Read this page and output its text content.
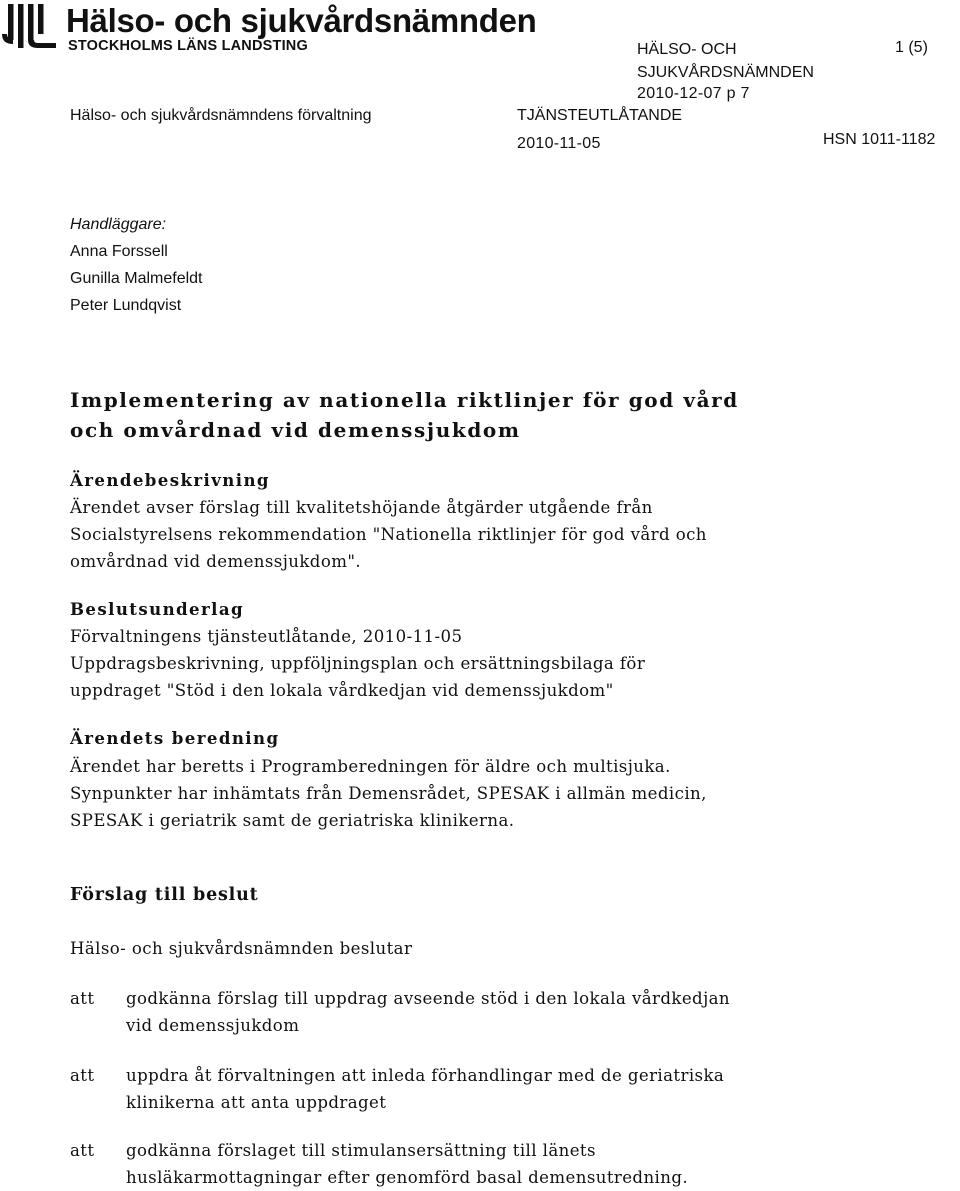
Hälso- och sjukvårdsnämnden
STOCKHOLMS LÄNS LANDSTING
Hälso- och sjukvårdsnämndens förvaltning
HÄLSO- OCH
SJUKVÅRDSNÄMNDEN
2010-12-07 p 7
TJÄNSTEUTLÅTANDE
2010-11-05
1 (5)
HSN 1011-1182
Handläggare:
Anna Forssell
Gunilla Malmefeldt
Peter Lundqvist
Implementering av nationella riktlinjer för god vård
och omvårdnad vid demenssjukdom
Ärendebeskrivning
Ärendet avser förslag till kvalitetshöjande åtgärder utgående från
Socialstyrelsens rekommendation "Nationella riktlinjer för god vård och
omvårdnad vid demenssjukdom".
Beslutsunderlag
Förvaltningens tjänsteutlåtande, 2010-11-05
Uppdragsbeskrivning, uppföljningsplan och ersättningsbilaga för
uppdraget "Stöd i den lokala vårdkedjan vid demenssjukdom"
Ärendets beredning
Ärendet har beretts i Programberedningen för äldre och multisjuka.
Synpunkter har inhämtats från Demensrådet, SPESAK i allmän medicin,
SPESAK i geriatrik samt de geriatriska klinikerna.
Förslag till beslut
Hälso- och sjukvårdsnämnden beslutar
att godkänna förslag till uppdrag avseende stöd i den lokala vårdkedjan
vid demenssjukdom
att uppdra åt förvaltningen att inleda förhandlingar med de geriatriska
klinikerna att anta uppdraget
att godkänna förslaget till stimulansersättning till länets
husläkarmottagningar efter genomförd basal demensutredning.
